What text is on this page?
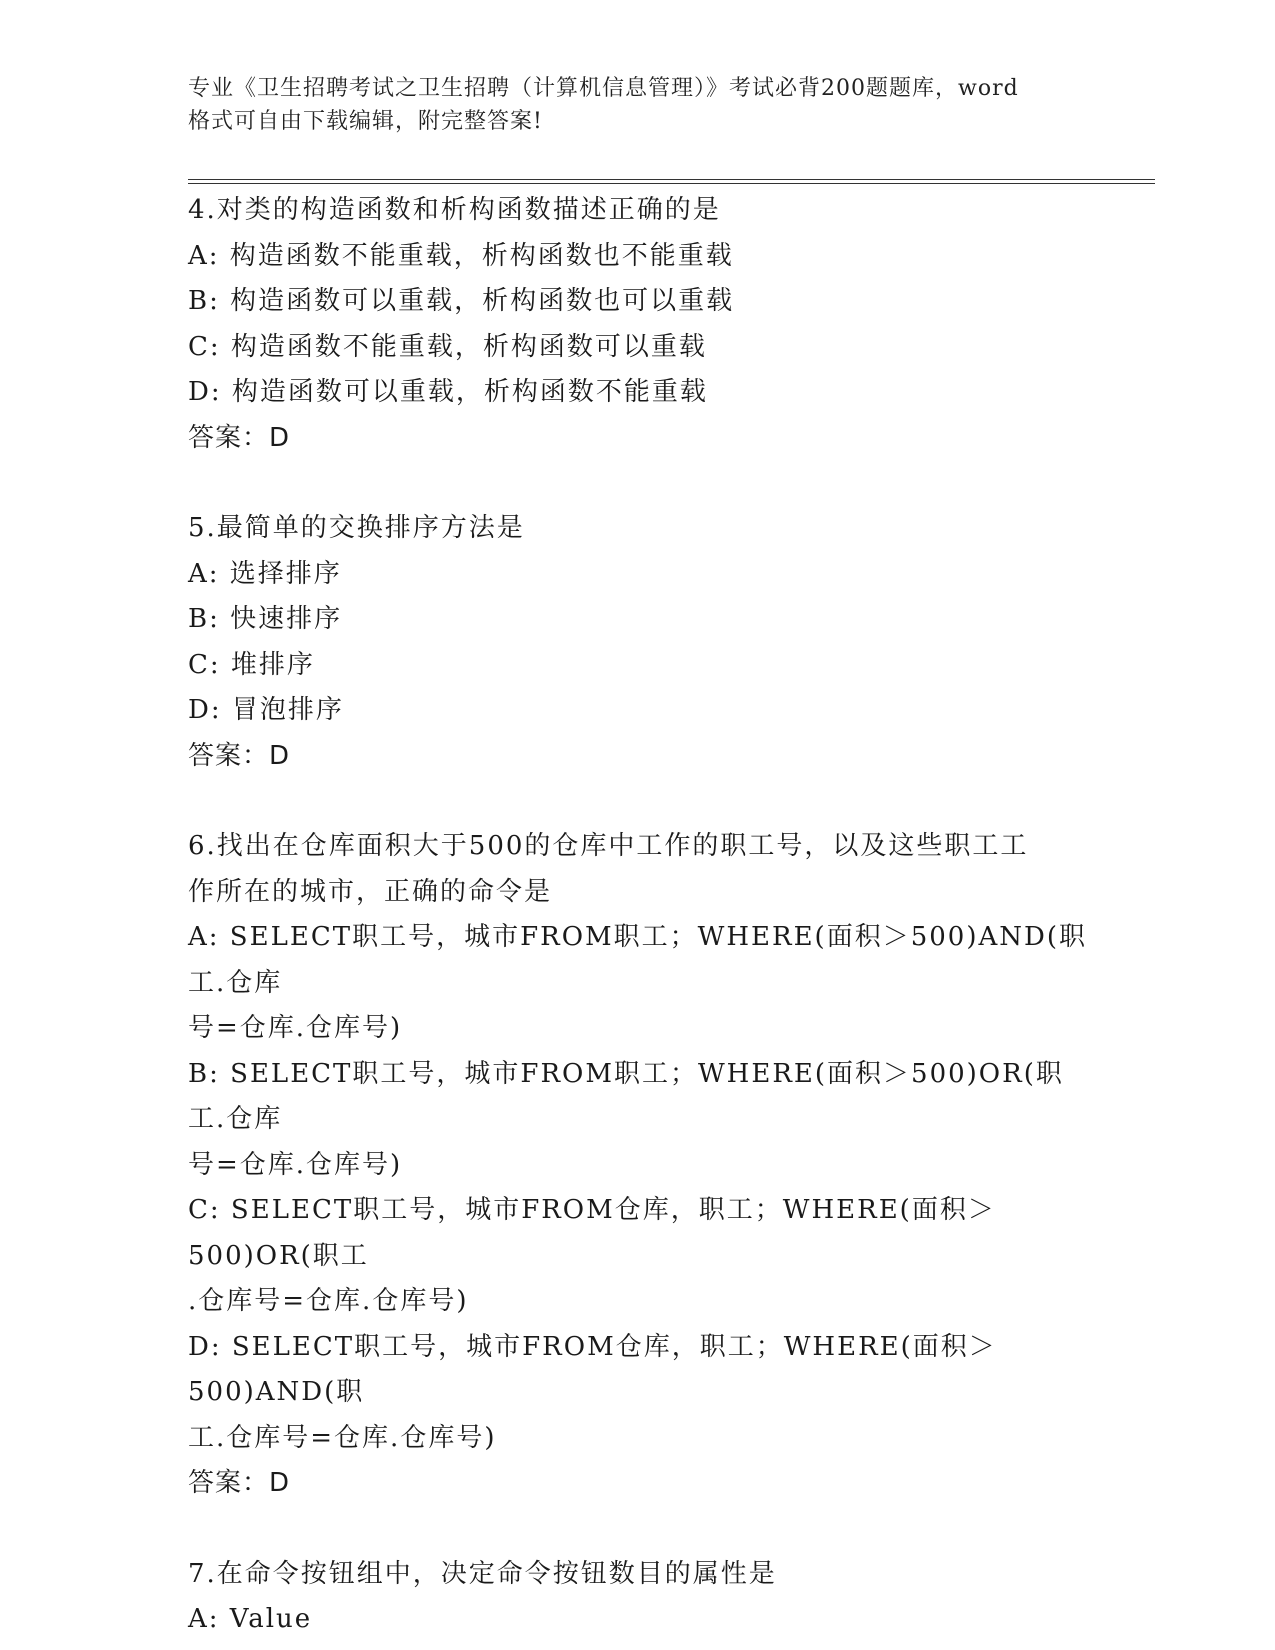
专业《卫生招聘考试之卫生招聘（计算机信息管理）》考试必背200题题库，word
格式可自由下载编辑，附完整答案!

4.对类的构造函数和析构函数描述正确的是

A: 构造函数不能重载，析构函数也不能重载

B: 构造函数可以重载，析构函数也可以重载

C: 构造函数不能重载，析构函数可以重载

D: 构造函数可以重载，析构函数不能重载

答案：D

5.最简单的交换排序方法是

A: 选择排序

B: 快速排序

C: 堆排序

D: 冒泡排序

答案：D

6.找出在仓库面积大于500的仓库中工作的职工号，以及这些职工工

作所在的城市，正确的命令是

A: SELECT职工号，城市FROM职工；WHERE(面积＞500)AND(职工.仓库

号=仓库.仓库号)

B: SELECT职工号，城市FROM职工；WHERE(面积＞500)OR(职工.仓库

号=仓库.仓库号)

C: SELECT职工号，城市FROM仓库，职工；WHERE(面积＞500)OR(职工

.仓库号=仓库.仓库号)

D: SELECT职工号，城市FROM仓库，职工；WHERE(面积＞500)AND(职

工.仓库号=仓库.仓库号)

答案：D

7.在命令按钮组中，决定命令按钮数目的属性是

A: Value
